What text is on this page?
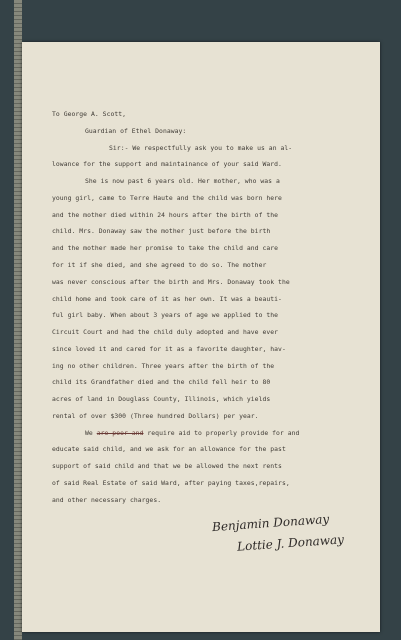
To George A. Scott,
Guardian of Ethel Donaway:
Sir:- We respectfully ask you to make us an al-
lowance for the support and maintainance of your said Ward.
She is now past 6 years old. Her mother, who was a
young girl, came to Terre Haute and the child was born here
and the mother died within 24 hours after the birth of the
child. Mrs. Donaway saw the mother just before the birth
and the mother made her promise to take the child and care
for it if she died, and she agreed to do so. The mother
was never conscious after the birth and Mrs. Donaway took the
child home and took care of it as her own. It was a beauti-
ful girl baby. When about 3 years of age we applied to the
Circuit Court and had the child duly adopted and have ever
since loved it and cared for it as a favorite daughter, hav-
ing no other children. Three years after the birth of the
child its Grandfather died and the child fell heir to 80
acres of land in Douglass County, Illinois, which yields
rental of over $300 (Three hundred Dollars) per year.
We are poor and require aid to properly provide for and
educate said child, and we ask for an allowance for the past
support of said child and that we be allowed the next rents
of said Real Estate of said Ward, after paying taxes,repairs,
and other necessary charges.
Benjamin Donaway
Lottie J. Donaway
